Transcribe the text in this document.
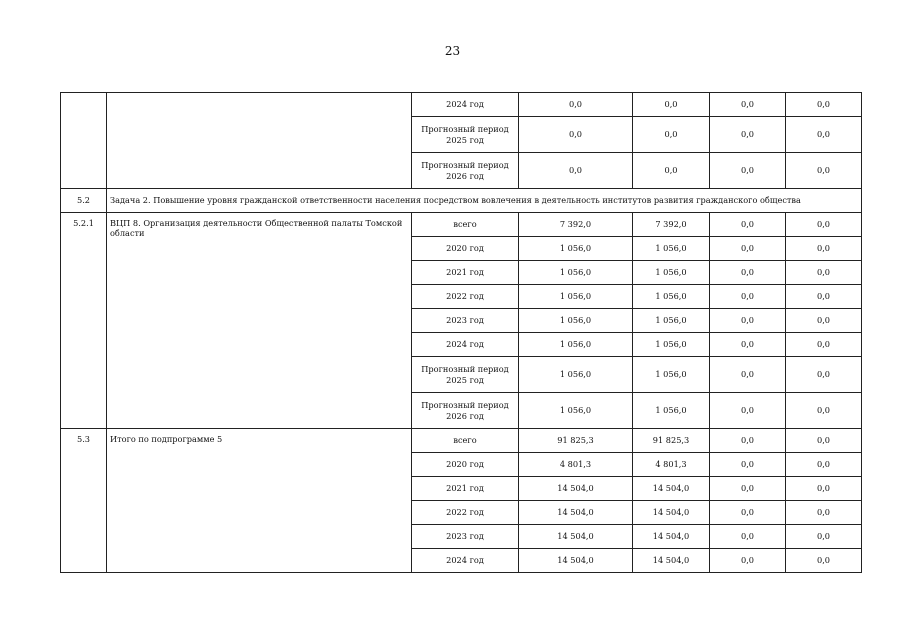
23
		2024 год	0,0	0,0	0,0	0,0
		Прогнозный период 2025 год	0,0	0,0	0,0	0,0
		Прогнозный период 2026 год	0,0	0,0	0,0	0,0
5.2	Задача 2. Повышение уровня гражданской ответственности населения посредством вовлечения в деятельность институтов развития гражданского общества					
5.2.1	ВЦП 8. Организация деятельности Общественной палаты Томской области	всего	7 392,0	7 392,0	0,0	0,0
		2020 год	1 056,0	1 056,0	0,0	0,0
		2021 год	1 056,0	1 056,0	0,0	0,0
		2022 год	1 056,0	1 056,0	0,0	0,0
		2023 год	1 056,0	1 056,0	0,0	0,0
		2024 год	1 056,0	1 056,0	0,0	0,0
		Прогнозный период 2025 год	1 056,0	1 056,0	0,0	0,0
		Прогнозный период 2026 год	1 056,0	1 056,0	0,0	0,0
5.3	Итого по подпрограмме 5	всего	91 825,3	91 825,3	0,0	0,0
		2020 год	4 801,3	4 801,3	0,0	0,0
		2021 год	14 504,0	14 504,0	0,0	0,0
		2022 год	14 504,0	14 504,0	0,0	0,0
		2023 год	14 504,0	14 504,0	0,0	0,0
		2024 год	14 504,0	14 504,0	0,0	0,0
